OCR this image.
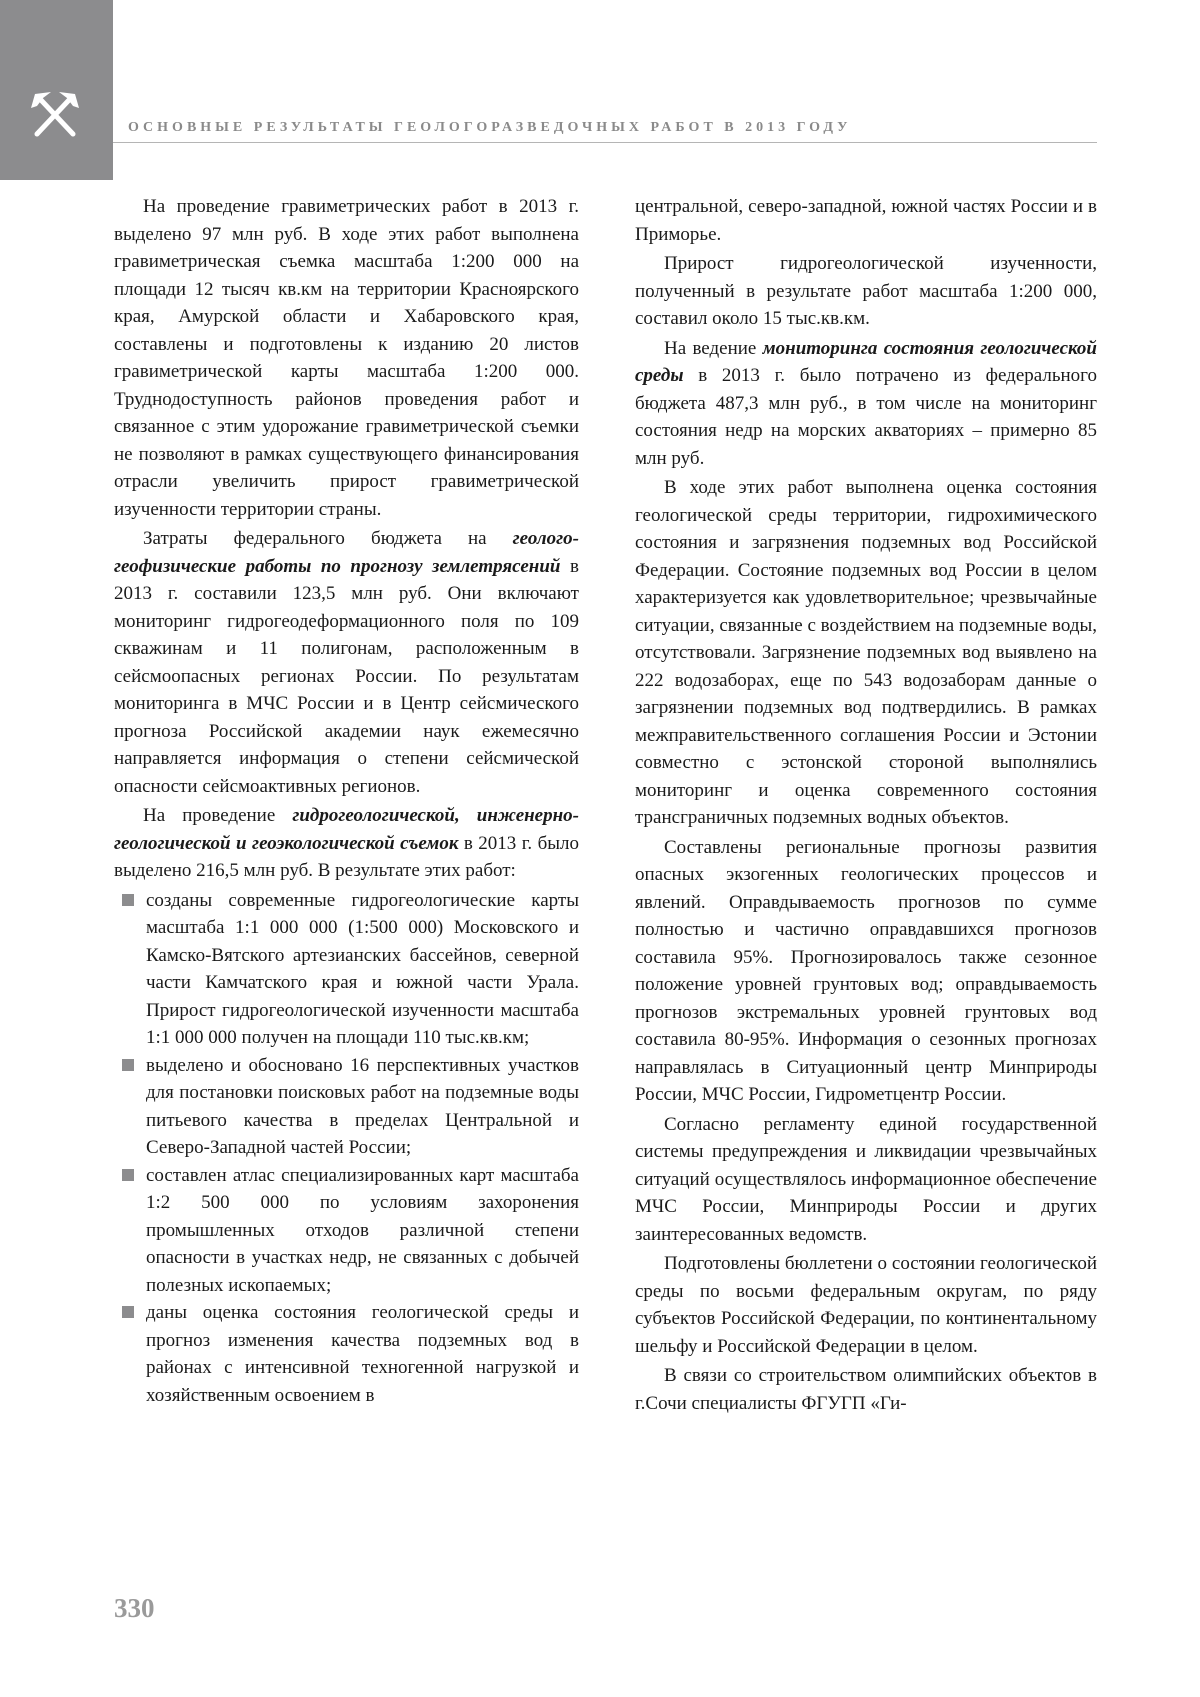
ОСНОВНЫЕ РЕЗУЛЬТАТЫ ГЕОЛОГОРАЗВЕДОЧНЫХ РАБОТ В 2013 ГОДУ

На проведение гравиметрических работ в 2013 г. выделено 97 млн руб. В ходе этих работ выполнена гравиметрическая съемка масштаба 1:200 000 на площади 12 тысяч кв.км на территории Красноярского края, Амурской области и Хабаровского края, составлены и подготовлены к изданию 20 листов гравиметрической карты масштаба 1:200 000. Труднодоступность районов проведения работ и связанное с этим удорожание гравиметрической съемки не позволяют в рамках существующего финансирования отрасли увеличить прирост гравиметрической изученности территории страны.

Затраты федерального бюджета на геолого-геофизические работы по прогнозу землетрясений в 2013 г. составили 123,5 млн руб. Они включают мониторинг гидрогеодеформационного поля по 109 скважинам и 11 полигонам, расположенным в сейсмоопасных регионах России. По результатам мониторинга в МЧС России и в Центр сейсмического прогноза Российской академии наук ежемесячно направляется информация о степени сейсмической опасности сейсмоактивных регионов.

На проведение гидрогеологической, инженерно-геологической и геоэкологической съемок в 2013 г. было выделено 216,5 млн руб. В результате этих работ:

созданы современные гидрогеологические карты масштаба 1:1 000 000 (1:500 000) Московского и Камско-Вятского артезианских бассейнов, северной части Камчатского края и южной части Урала. Прирост гидрогеологической изученности масштаба 1:1 000 000 получен на площади 110 тыс.кв.км;
выделено и обосновано 16 перспективных участков для постановки поисковых работ на подземные воды питьевого качества в пределах Центральной и Северо-Западной частей России;
составлен атлас специализированных карт масштаба 1:2 500 000 по условиям захоронения промышленных отходов различной степени опасности в участках недр, не связанных с добычей полезных ископаемых;
даны оценка состояния геологической среды и прогноз изменения качества подземных вод в районах с интенсивной техногенной нагрузкой и хозяйственным освоением в

центральной, северо-западной, южной частях России и в Приморье.

Прирост гидрогеологической изученности, полученный в результате работ масштаба 1:200 000, составил около 15 тыс.кв.км.

На ведение мониторинга состояния геологической среды в 2013 г. было потрачено из федерального бюджета 487,3 млн руб., в том числе на мониторинг состояния недр на морских акваториях – примерно 85 млн руб.

В ходе этих работ выполнена оценка состояния геологической среды территории, гидрохимического состояния и загрязнения подземных вод Российской Федерации. Состояние подземных вод России в целом характеризуется как удовлетворительное; чрезвычайные ситуации, связанные с воздействием на подземные воды, отсутствовали. Загрязнение подземных вод выявлено на 222 водозаборах, еще по 543 водозаборам данные о загрязнении подземных вод подтвердились. В рамках межправительственного соглашения России и Эстонии совместно с эстонской стороной выполнялись мониторинг и оценка современного состояния трансграничных подземных водных объектов.

Составлены региональные прогнозы развития опасных экзогенных геологических процессов и явлений. Оправдываемость прогнозов по сумме полностью и частично оправдавшихся прогнозов составила 95%. Прогнозировалось также сезонное положение уровней грунтовых вод; оправдываемость прогнозов экстремальных уровней грунтовых вод составила 80-95%. Информация о сезонных прогнозах направлялась в Ситуационный центр Минприроды России, МЧС России, Гидрометцентр России.

Согласно регламенту единой государственной системы предупреждения и ликвидации чрезвычайных ситуаций осуществлялось информационное обеспечение МЧС России, Минприроды России и других заинтересованных ведомств.

Подготовлены бюллетени о состоянии геологической среды по восьми федеральным округам, по ряду субъектов Российской Федерации, по континентальному шельфу и Российской Федерации в целом.

В связи со строительством олимпийских объектов в г.Сочи специалисты ФГУГП «Ги-

330
